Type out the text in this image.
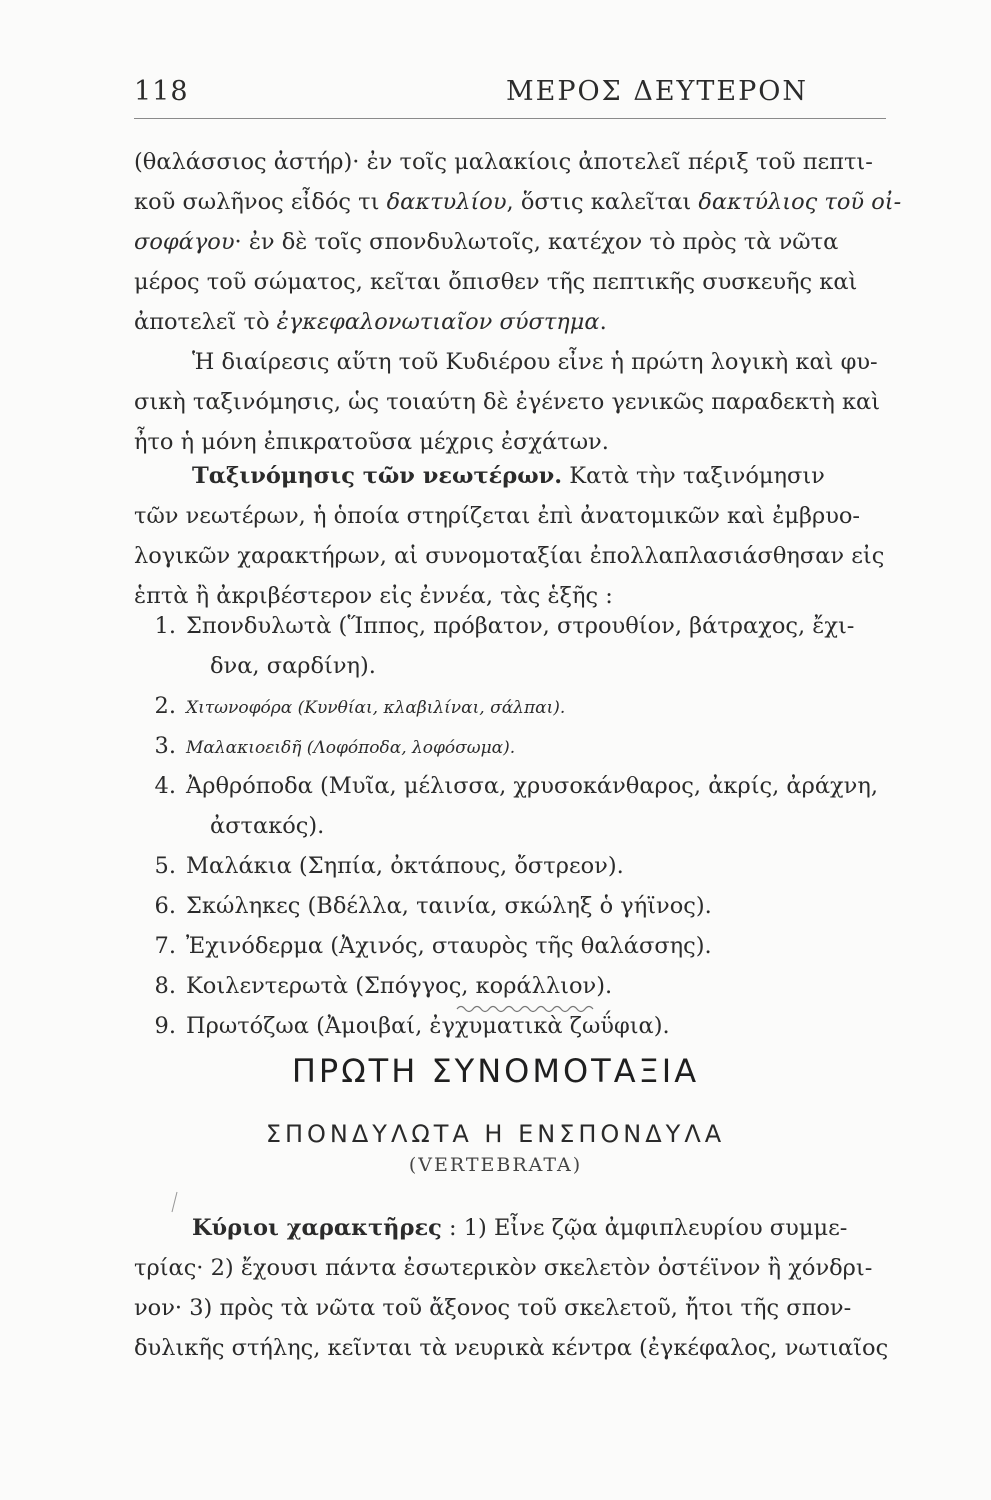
118	ΜΕΡΟΣ ΔΕΥΤΕΡΟΝ
(θαλάσσιος ἀστήρ)· ἐν τοῖς μαλακίοις ἀποτελεῖ πέριξ τοῦ πεπτι-
κοῦ σωλῆνος εἶδός τι δακτυλίου, ὅστις καλεῖται δακτύλιος τοῦ οἰ-
σοφάγου· ἐν δὲ τοῖς σπονδυλωτοῖς, κατέχον τὸ πρὸς τὰ νῶτα
μέρος τοῦ σώματος, κεῖται ὄπισθεν τῆς πεπτικῆς συσκευῆς καὶ
ἀποτελεῖ τὸ ἐγκεφαλονωτιαῖον σύστημα.
Ἡ διαίρεσις αὕτη τοῦ Κυδιέρου εἶνε ἡ πρώτη λογικὴ καὶ φυ-
σικὴ ταξινόμησις, ὡς τοιαύτη δὲ ἐγένετο γενικῶς παραδεκτὴ καὶ
ἦτο ἡ μόνη ἐπικρατοῦσα μέχρις ἐσχάτων.
Ταξινόμησις τῶν νεωτέρων. Κατὰ τὴν ταξινόμησιν
τῶν νεωτέρων, ἡ ὁποία στηρίζεται ἐπὶ ἀνατομικῶν καὶ ἐμβρυο-
λογικῶν χαρακτήρων, αἱ συνομοταξίαι ἐπολλαπλασιάσθησαν εἰς
ἑπτὰ ἢ ἀκριβέστερον εἰς ἐννέα, τὰς ἑξῆς :
1. Σπονδυλωτὰ (Ἵππος, πρόβατον, στρουθίον, βάτραχος, ἔχι-
δνα, σαρδίνη).
2. Χιτωνοφόρα (Κυνθίαι, κλαβιλίναι, σάλπαι).
3. Μαλακιοειδῆ (Λοφόποδα, λοφόσωμα).
4. Ἀρθρόποδα (Μυῖα, μέλισσα, χρυσοκάνθαρος, ἀκρίς, ἀράχνη,
ἀστακός).
5. Μαλάκια (Σηπία, ὀκτάπους, ὄστρεον).
6. Σκώληκες (Βδέλλα, ταινία, σκώληξ ὁ γήϊνος).
7. Ἐχινόδερμα (Ἀχινός, σταυρὸς τῆς θαλάσσης).
8. Κοιλεντερωτὰ (Σπόγγος, κοράλλιον).
9. Πρωτόζωα (Ἀμοιβαί, ἐγχυματικὰ ζωΰφια).
ΠΡΩΤΗ ΣΥΝΟΜΟΤΑΞΙΑ
ΣΠΟΝΔΥΛΩΤΑ Η ΕΝΣΠΟΝΔΥΛΑ
(VERTEBRATA)
Κύριοι χαρακτῆρες : 1) Εἶνε ζῷα ἀμφιπλευρίου συμμε-
τρίας· 2) ἔχουσι πάντα ἐσωτερικὸν σκελετὸν ὀστέϊνον ἢ χόνδρι-
νον· 3) πρὸς τὰ νῶτα τοῦ ἄξονος τοῦ σκελετοῦ, ἤτοι τῆς σπον-
δυλικῆς στήλης, κεῖνται τὰ νευρικὰ κέντρα (ἐγκέφαλος, νωτιαῖος
